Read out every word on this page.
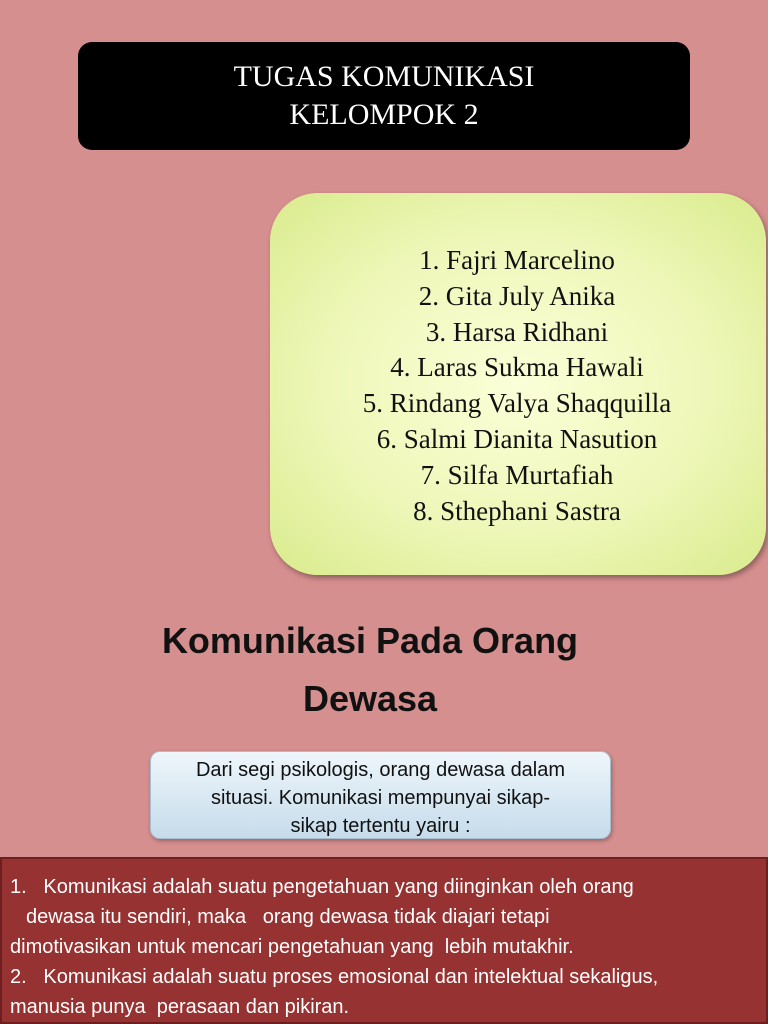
TUGAS KOMUNIKASI
KELOMPOK 2
1. Fajri Marcelino
2. Gita July Anika
3. Harsa Ridhani
4. Laras Sukma Hawali
5. Rindang Valya Shaqquilla
6. Salmi Dianita Nasution
7. Silfa Murtafiah
8. Sthephani Sastra
Komunikasi Pada Orang
Dewasa
Dari segi psikologis, orang dewasa dalam
situasi. Komunikasi mempunyai sikap-
sikap tertentu yairu :

1.   Komunikasi adalah suatu pengetahuan yang diinginkan oleh orang

dewasa itu sendiri, maka   orang dewasa tidak diajari tetapi

dimotivasikan untuk mencari pengetahuan yang  lebih mutakhir.

2.   Komunikasi adalah suatu proses emosional dan intelektual sekaligus,

manusia punya  perasaan dan pikiran.
